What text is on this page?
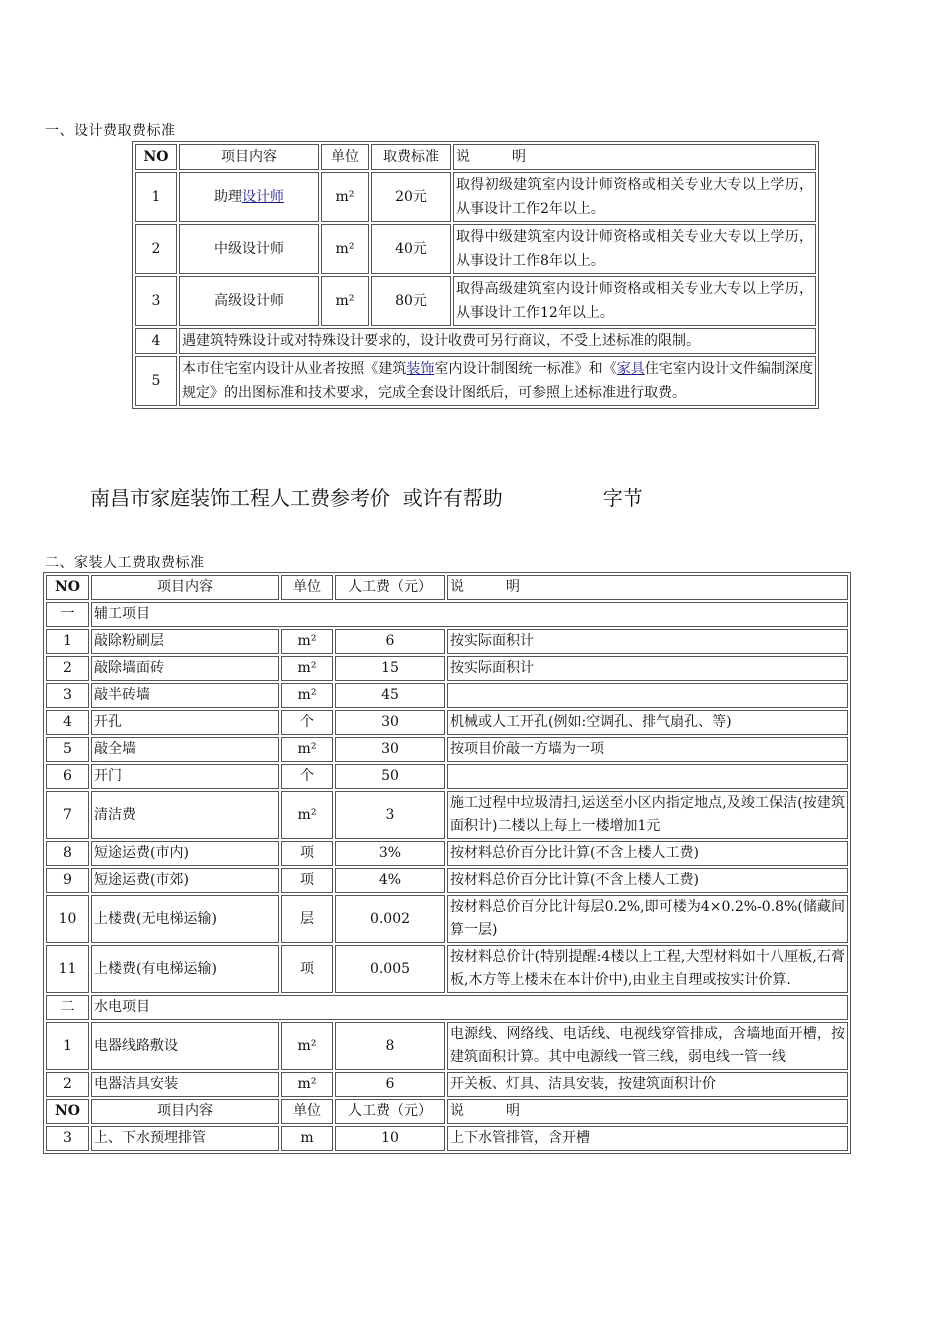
一、设计费取费标准
NO	项目内容	单位	取费标准	说　　　明
1	助理设计师	m²	20元	取得初级建筑室内设计师资格或相关专业大专以上学历，从事设计工作2年以上。
2	中级设计师	m²	40元	取得中级建筑室内设计师资格或相关专业大专以上学历，从事设计工作8年以上。
3	高级设计师	m²	80元	取得高级建筑室内设计师资格或相关专业大专以上学历，从事设计工作12年以上。
4	遇建筑特殊设计或对特殊设计要求的，设计收费可另行商议，不受上述标准的限制。			
5	本市住宅室内设计从业者按照《建筑装饰室内设计制图统一标准》和《家具住宅室内设计文件编制深度规定》的出图标准和技术要求，完成全套设计图纸后，可参照上述标准进行取费。			
南昌市家庭装饰工程人工费参考价  或许有帮助	字节
二、家装人工费取费标准
NO	项目内容	单位	人工费（元）	说　　　明
一	辅工项目			
1	敲除粉刷层	m²	6	按实际面积计
2	敲除墙面砖	m²	15	按实际面积计
3	敲半砖墙	m²	45	
4	开孔	个	30	机械或人工开孔(例如:空调孔、排气扇孔、等)
5	敲全墙	m²	30	按项目价敲一方墙为一项
6	开门	个	50	
7	清洁费	m²	3	施工过程中垃圾清扫,运送至小区内指定地点,及竣工保洁(按建筑面积计)二楼以上每上一楼增加1元
8	短途运费(市内)	项	3%	按材料总价百分比计算(不含上楼人工费)
9	短途运费(市郊)	项	4%	按材料总价百分比计算(不含上楼人工费)
10	上楼费(无电梯运输)	层	0.002	按材料总价百分比计每层0.2%,即可楼为4×0.2%-0.8%(储藏间算一层)
11	上楼费(有电梯运输)	项	0.005	按材料总价计(特别提醒:4楼以上工程,大型材料如十八厘板,石膏板,木方等上楼未在本计价中),由业主自理或按实计价算.
二	水电项目			
1	电器线路敷设	m²	8	电源线、网络线、电话线、电视线穿管排成，含墙地面开槽，按建筑面积计算。其中电源线一管三线，弱电线一管一线
2	电器洁具安装	m²	6	开关板、灯具、洁具安装，按建筑面积计价
NO	项目内容	单位	人工费（元）	说　　　明
3	上、下水预埋排管	m	10	上下水管排管，含开槽
